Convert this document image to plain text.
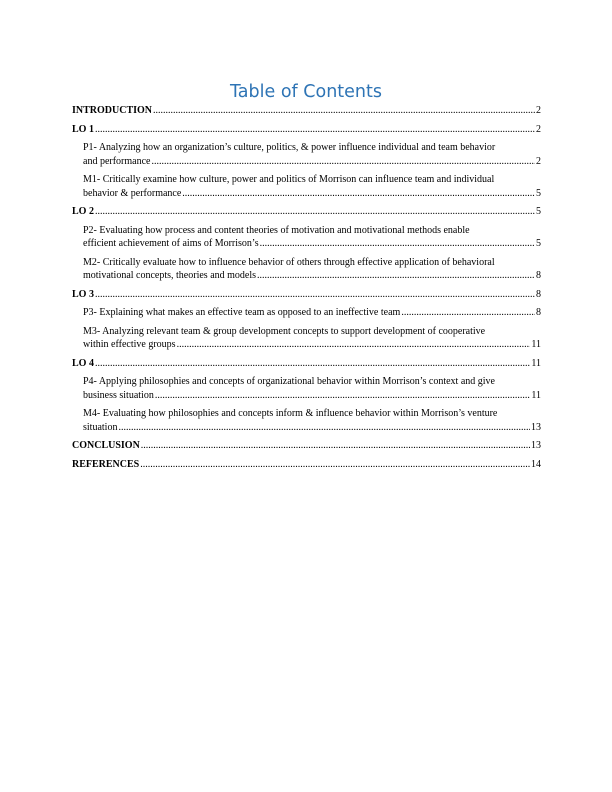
Table of Contents
INTRODUCTION .....	2
LO 1 .....	2
P1- Analyzing how an organization’s culture, politics, & power influence individual and team behavior
and performance .....	2
M1- Critically examine how culture, power and politics of Morrison can influence team and individual
behavior & performance .....	5
LO 2 .....	5
P2- Evaluating how process and content theories of motivation and motivational methods enable
efficient achievement of aims of Morrison’s .....	5
M2- Critically evaluate how to influence behavior of others through effective application of behavioral
motivational concepts, theories and models .....	8
LO 3 .....	8
P3- Explaining what makes an effective team as opposed to an ineffective team .....	8
M3- Analyzing relevant team & group development concepts to support development of cooperative
within effective groups .....	11
LO 4 .....	11
P4- Applying philosophies and concepts of organizational behavior within Morrison’s context and give
business situation .....	11
M4- Evaluating how philosophies and concepts inform & influence behavior within Morrison’s venture
situation .....	13
CONCLUSION .....	13
REFERENCES .....	14
